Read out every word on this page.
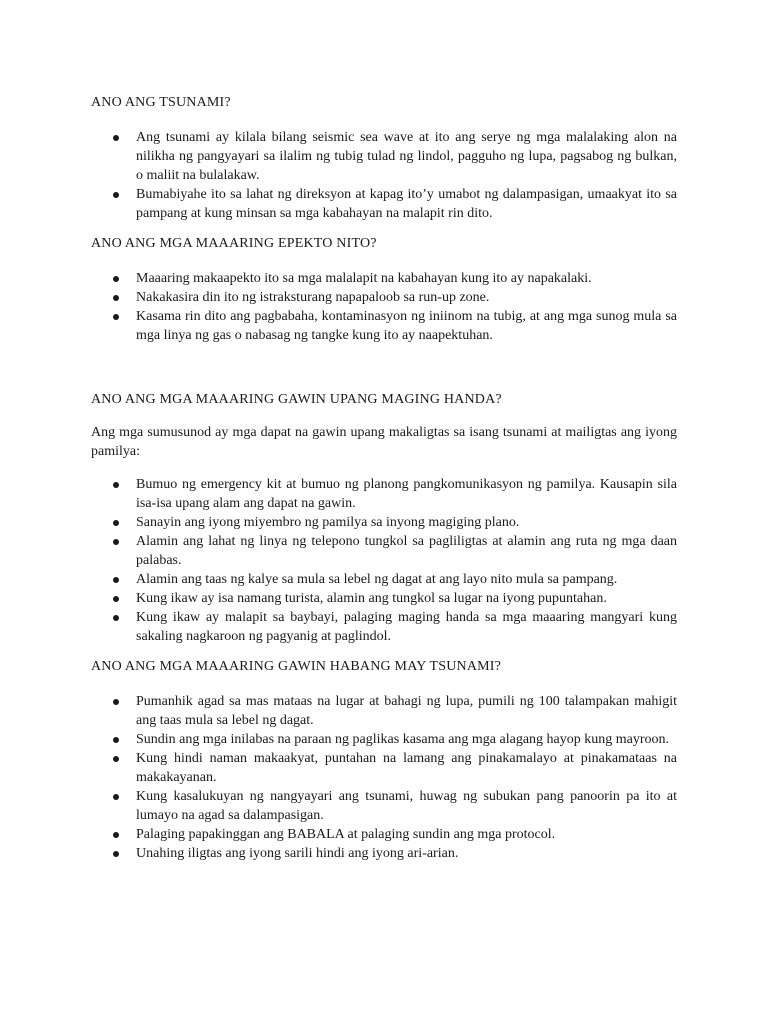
ANO ANG TSUNAMI?
Ang tsunami ay kilala bilang seismic sea wave at ito ang serye ng mga malalaking alon na nilikha ng pangyayari sa ilalim ng tubig tulad ng lindol, pagguho ng lupa, pagsabog ng bulkan, o maliit na bulalakaw.
Bumabiyahe ito sa lahat ng direksyon at kapag ito’y umabot ng dalampasigan, umaakyat ito sa pampang at kung minsan sa mga kabahayan na malapit rin dito.
ANO ANG MGA MAAARING EPEKTO NITO?
Maaaring makaapekto ito sa mga malalapit na kabahayan kung ito ay napakalaki.
Nakakasira din ito ng istraksturang napapaloob sa run-up zone.
Kasama rin dito ang pagbabaha, kontaminasyon ng iniinom na tubig, at ang mga sunog mula sa mga linya ng gas o nabasag ng tangke kung ito ay naapektuhan.
ANO ANG MGA MAAARING GAWIN UPANG MAGING HANDA?

Ang mga sumusunod ay mga dapat na gawin upang makaligtas sa isang tsunami at mailigtas ang iyong pamilya:

Bumuo ng emergency kit at bumuo ng planong pangkomunikasyon ng pamilya. Kausapin sila isa-isa upang alam ang dapat na gawin.
Sanayin ang iyong miyembro ng pamilya sa inyong magiging plano.
Alamin ang lahat ng linya ng telepono tungkol sa pagliligtas at alamin ang ruta ng mga daan palabas.
Alamin ang taas ng kalye sa mula sa lebel ng dagat at ang layo nito mula sa pampang.
Kung ikaw ay isa namang turista, alamin ang tungkol sa lugar na iyong pupuntahan.
Kung ikaw ay malapit sa baybayi, palaging maging handa sa mga maaaring mangyari kung sakaling nagkaroon ng pagyanig at paglindol.
ANO ANG MGA MAAARING GAWIN HABANG MAY TSUNAMI?
Pumanhik agad sa mas mataas na lugar at bahagi ng lupa, pumili ng 100 talampakan mahigit ang taas mula sa lebel ng dagat.
Sundin ang mga inilabas na paraan ng paglikas kasama ang mga alagang hayop kung mayroon.
Kung hindi naman makaakyat, puntahan na lamang ang pinakamalayo at pinakamataas na makakayanan.
Kung kasalukuyan ng nangyayari ang tsunami, huwag ng subukan pang panoorin pa ito at lumayo na agad sa dalampasigan.
Palaging papakinggan ang BABALA at palaging sundin ang mga protocol.
Unahing iligtas ang iyong sarili hindi ang iyong ari-arian.
